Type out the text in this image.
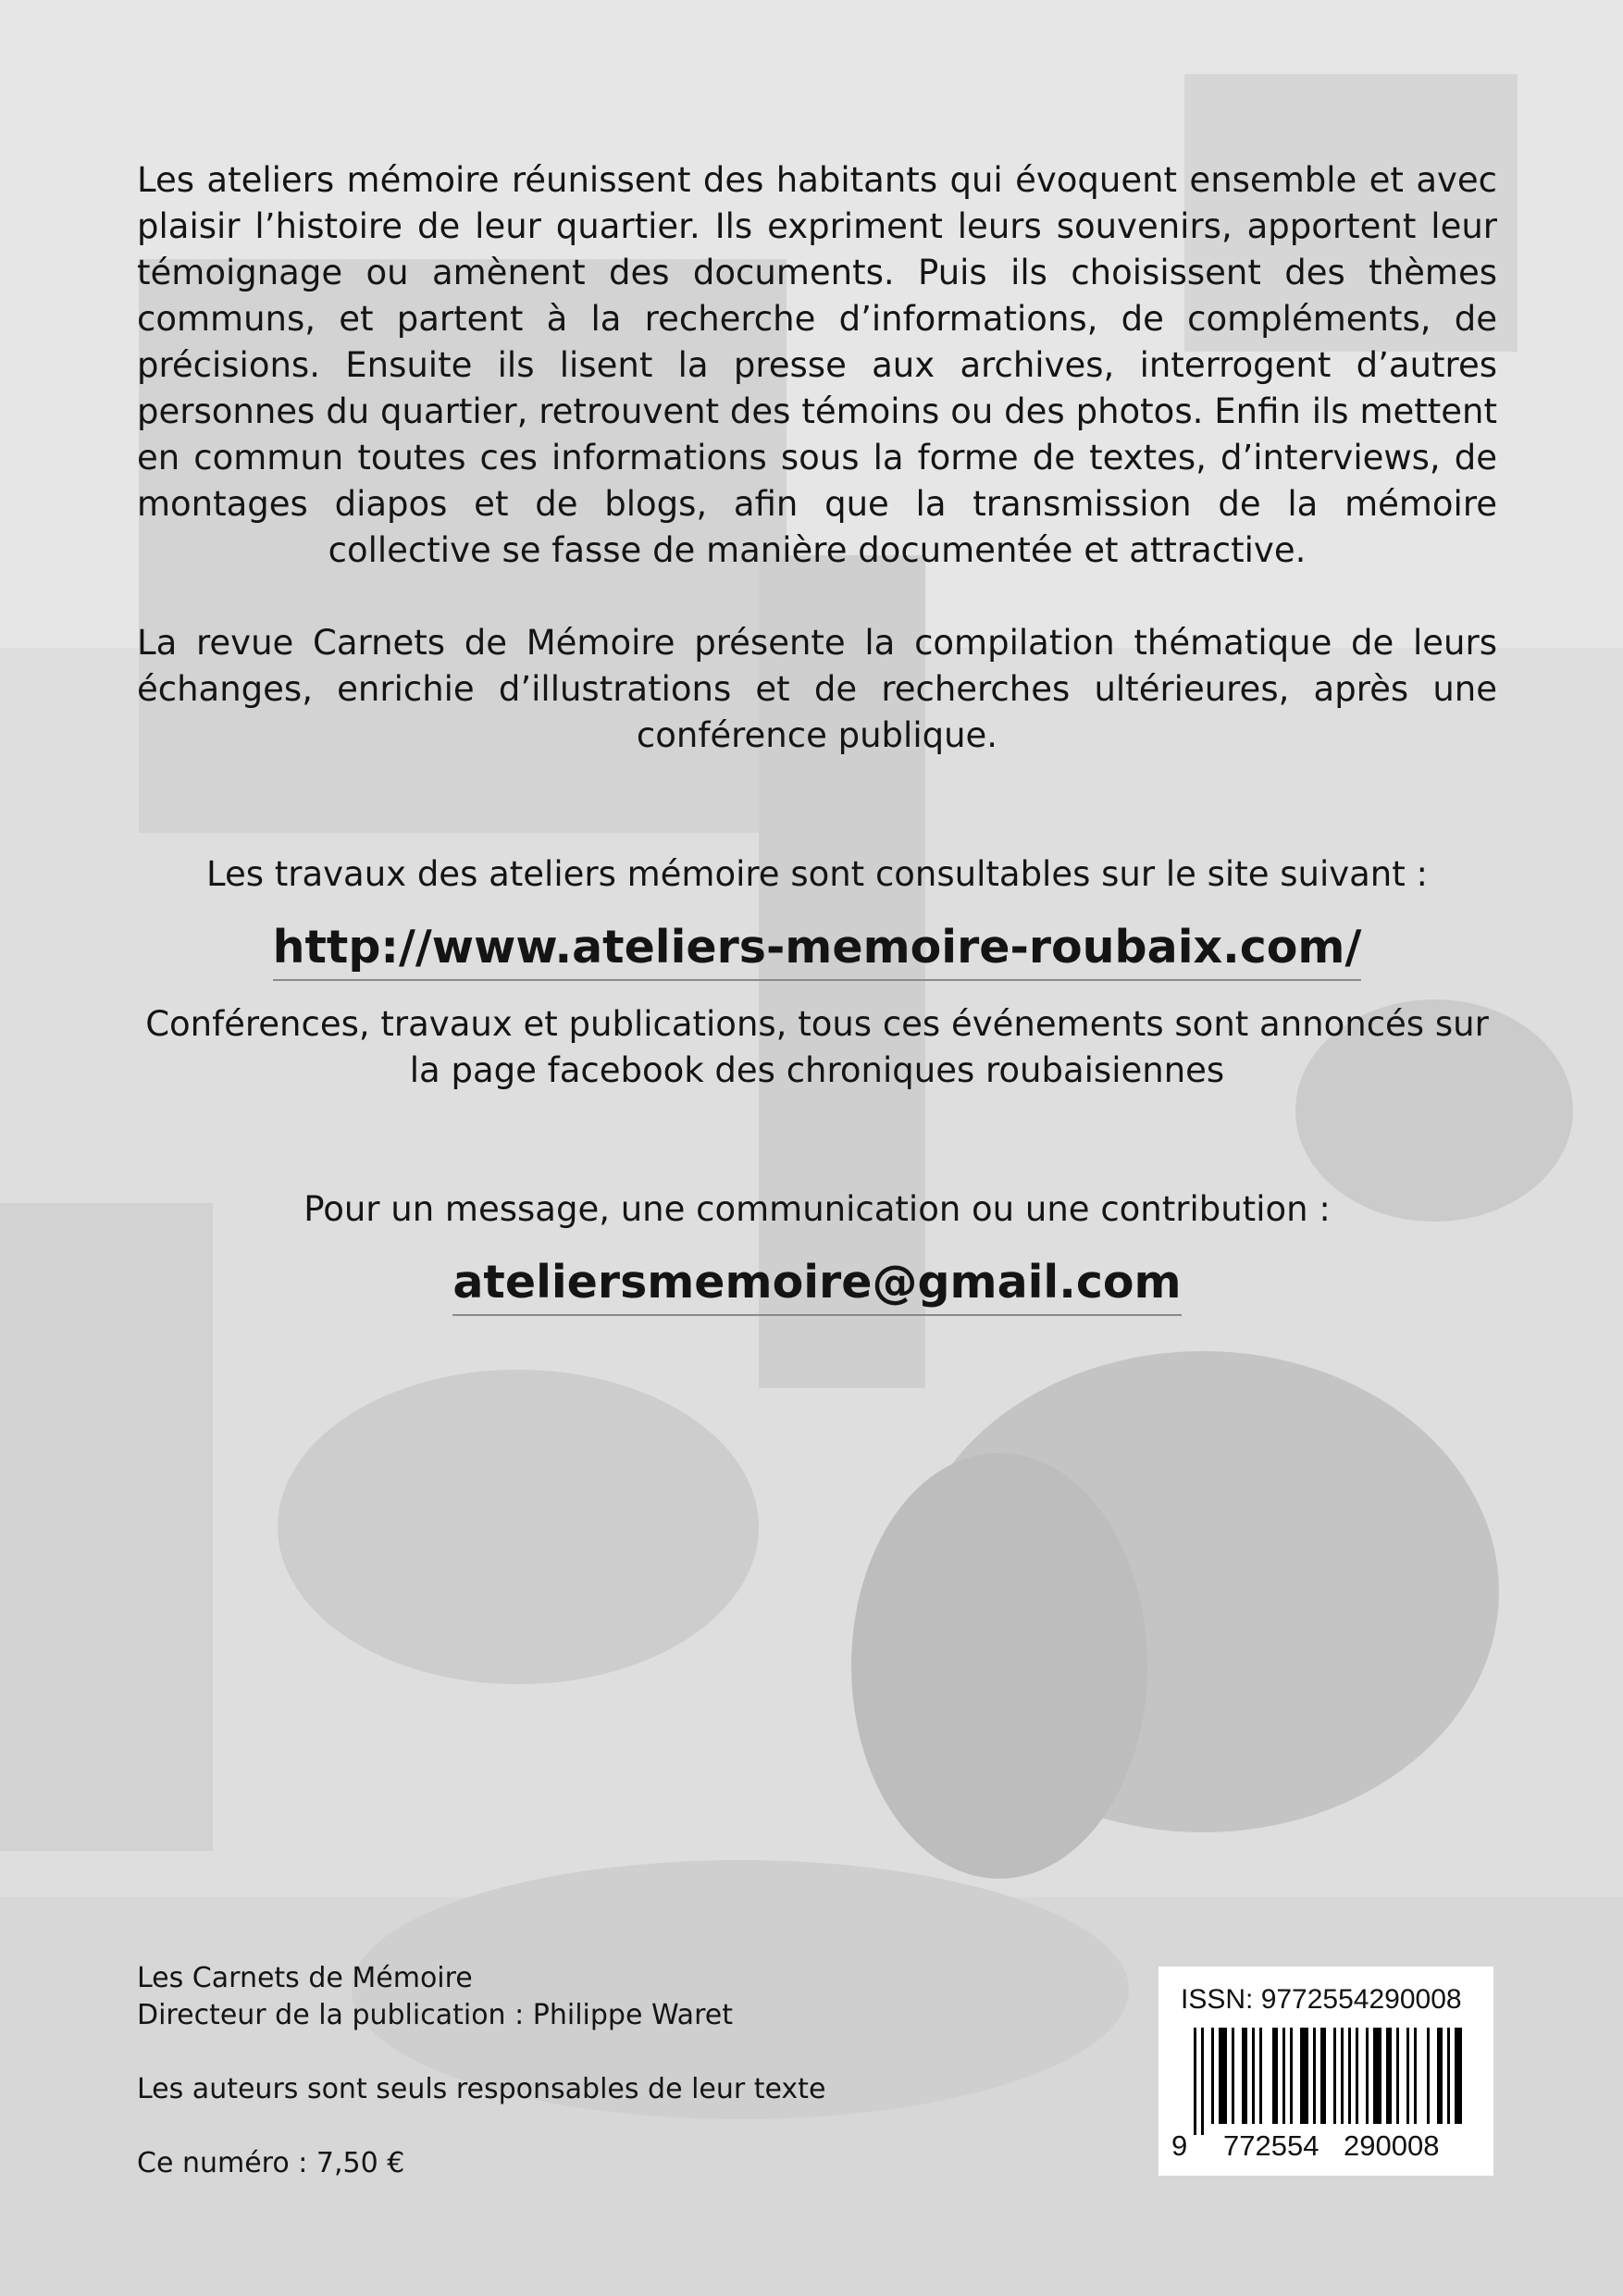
Les ateliers mémoire réunissent des habitants qui évoquent ensemble et avec plaisir l’histoire de leur quartier. Ils expriment leurs souvenirs, apportent leur témoignage ou amènent des documents. Puis ils choisissent des thèmes communs, et partent à la recherche d’informations, de compléments, de précisions. Ensuite ils lisent la presse aux archives, interrogent d’autres personnes du quartier, retrouvent des témoins ou des photos. Enfin ils mettent en commun toutes ces informations sous la forme de textes, d’interviews, de montages diapos et de blogs, afin que la transmission de la mémoire collective se fasse de manière documentée et attractive.

La revue Carnets de Mémoire présente la compilation thématique de leurs échanges, enrichie d’illustrations et de recherches ultérieures, après une conférence publique.

Les travaux des ateliers mémoire sont consultables sur le site suivant :

http://www.ateliers-memoire-roubaix.com/

Conférences, travaux et publications, tous ces événements sont annoncés sur la page facebook des chroniques roubaisiennes

Pour un message, une communication ou une contribution :

ateliersmemoire@gmail.com

Les Carnets de Mémoire

Directeur de la publication : Philippe Waret

Les auteurs sont seuls responsables de leur texte

Ce numéro : 7,50 €

ISSN: 9772554290008
9 772554 290008
